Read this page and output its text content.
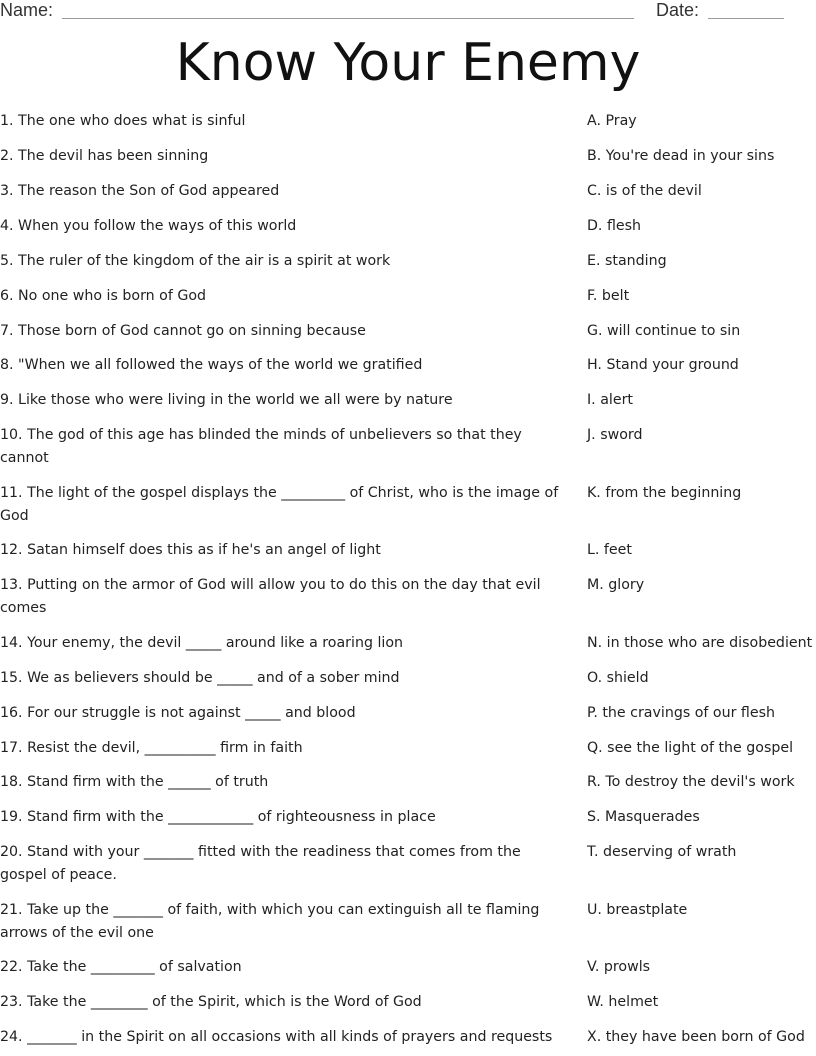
Name:	Date:
Know Your Enemy
1. The one who does what is sinful
2. The devil has been sinning
3. The reason the Son of God appeared
4. When you follow the ways of this world
5. The ruler of the kingdom of the air is a spirit at work
6. No one who is born of God
7. Those born of God cannot go on sinning because
8. "When we all followed the ways of the world we gratified
9. Like those who were living in the world we all were by nature
10. The god of this age has blinded the minds of unbelievers so that they cannot
11. The light of the gospel displays the _________ of Christ, who is the image of God
12. Satan himself does this as if he's an angel of light
13. Putting on the armor of God will allow you to do this on the day that evil comes
14. Your enemy, the devil _____ around like a roaring lion
15. We as believers should be _____ and of a sober mind
16. For our struggle is not against _____ and blood
17. Resist the devil, __________ firm in faith
18. Stand firm with the ______ of truth
19. Stand firm with the ____________ of righteousness in place
20. Stand with your _______ fitted with the readiness that comes from the gospel of peace.
21. Take up the _______ of faith, with which you can extinguish all te flaming arrows of the evil one
22. Take the _________ of salvation
23. Take the ________ of the Spirit, which is the Word of God
24. _______ in the Spirit on all occasions with all kinds of prayers and requests
A. Pray
B. You're dead in your sins
C. is of the devil
D. flesh
E. standing
F. belt
G. will continue to sin
H. Stand your ground
I. alert
J. sword
K. from the beginning
L. feet
M. glory
N. in those who are disobedient
O. shield
P. the cravings of our flesh
Q. see the light of the gospel
R. To destroy the devil's work
S. Masquerades
T. deserving of wrath
U. breastplate
V. prowls
W. helmet
X. they have been born of God
